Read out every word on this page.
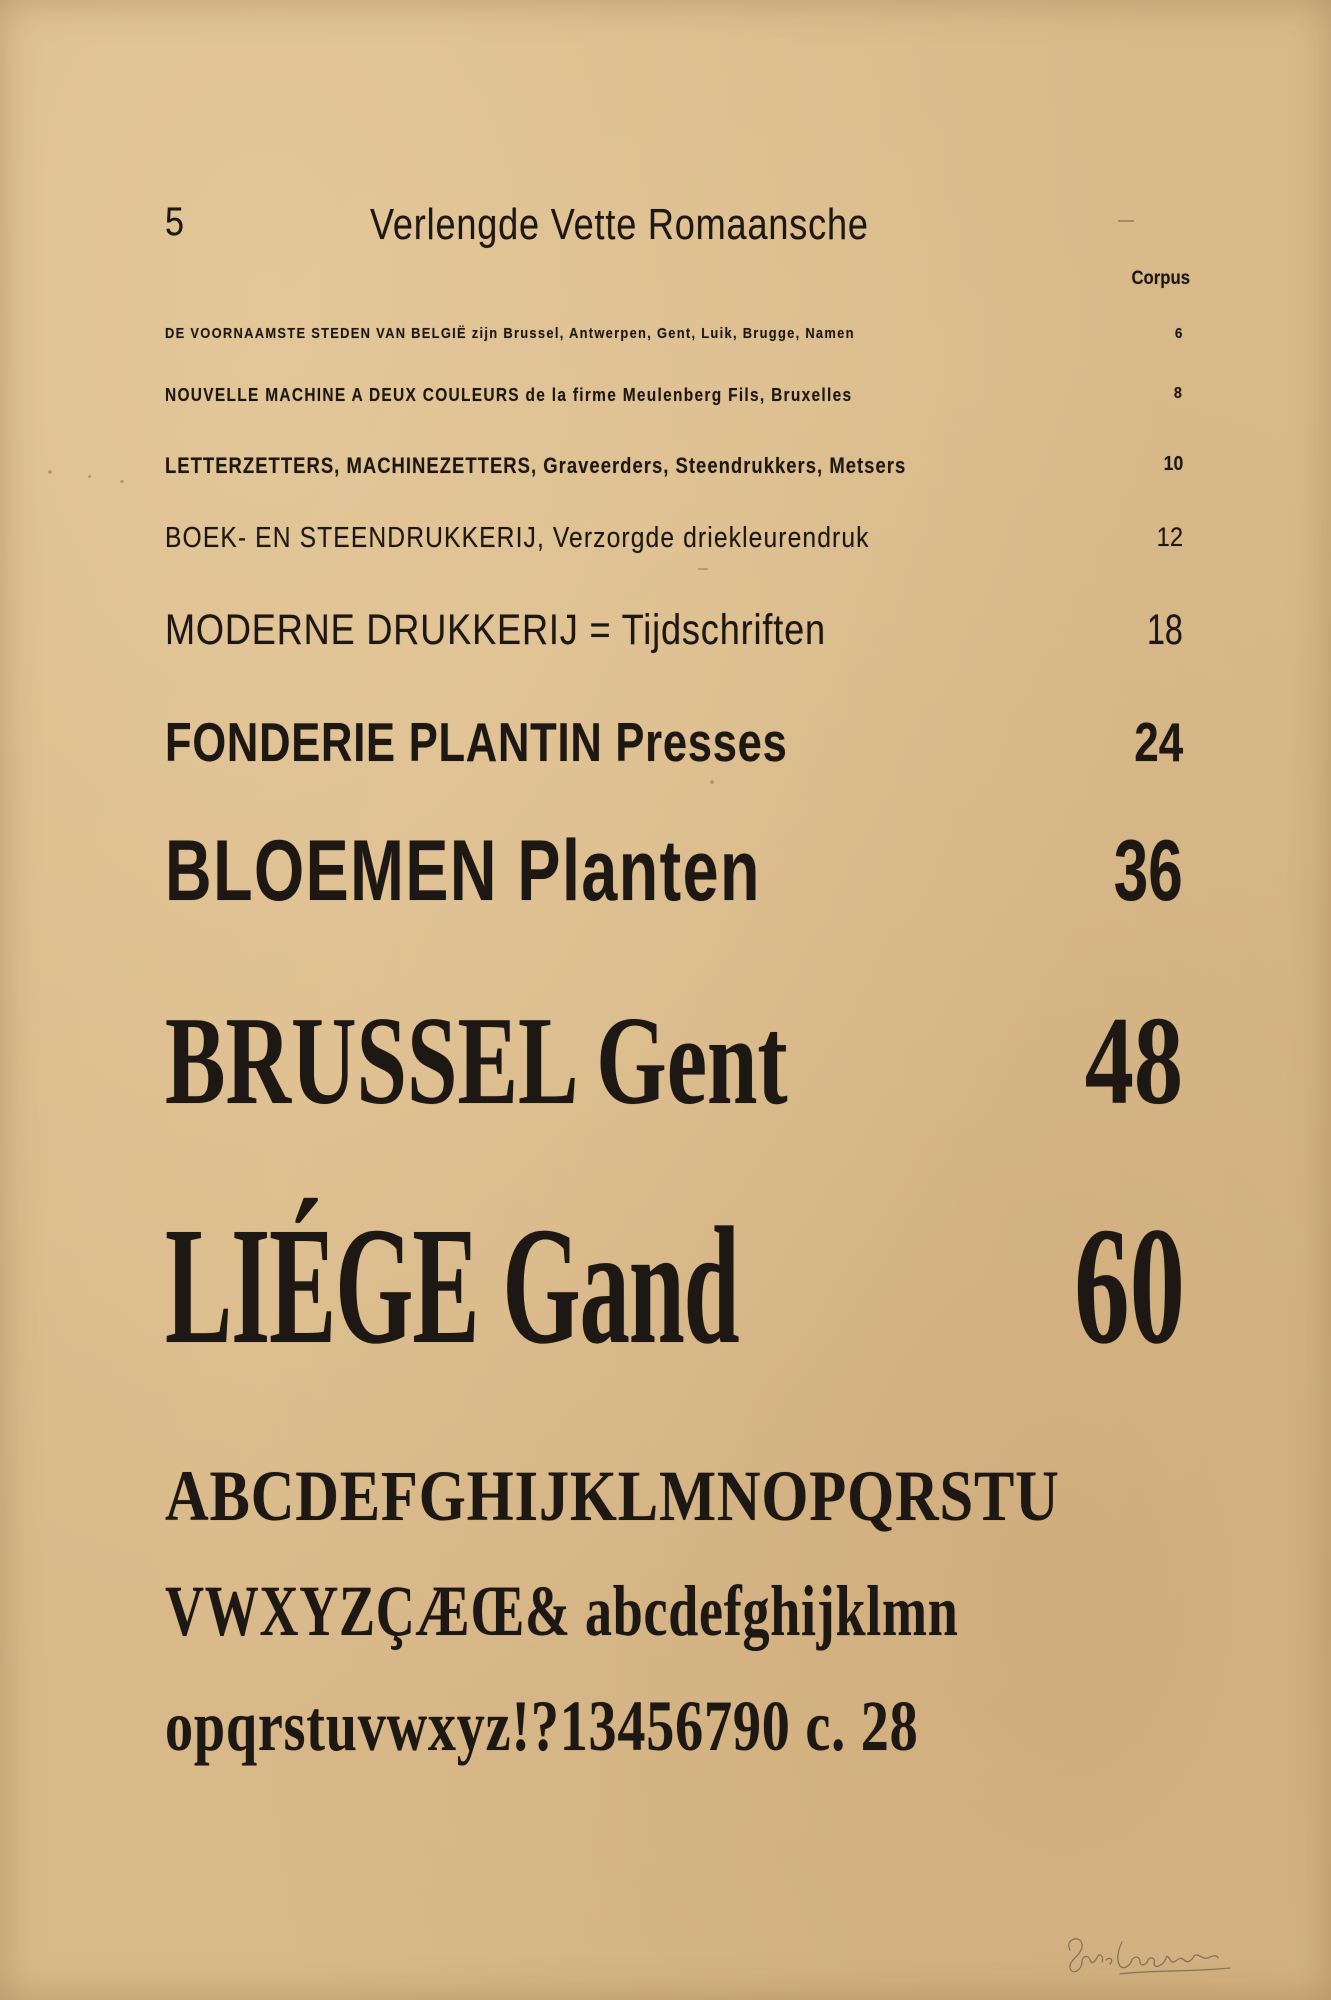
5	Verlengde Vette Romaansche
Corpus
DE VOORNAAMSTE STEDEN VAN BELGIË zijn Brussel, Antwerpen, Gent, Luik, Brugge, Namen	6
NOUVELLE MACHINE A DEUX COULEURS de la firme Meulenberg Fils, Bruxelles	8
LETTERZETTERS, MACHINEZETTERS, Graveerders, Steendrukkers, Metsers	10
BOEK- EN STEENDRUKKERIJ, Verzorgde driekleurendruk	12
MODERNE DRUKKERIJ = Tijdschriften	18
FONDERIE PLANTIN Presses	24
BLOEMEN Planten	36
BRUSSEL Gent 48
LIÉGE Gand 60
ABCDEFGHIJKLMNOPQRSTU
VWXYZÇÆŒ& abcdefghijklmn
opqrstuvwxyz!?13456790 c. 28
